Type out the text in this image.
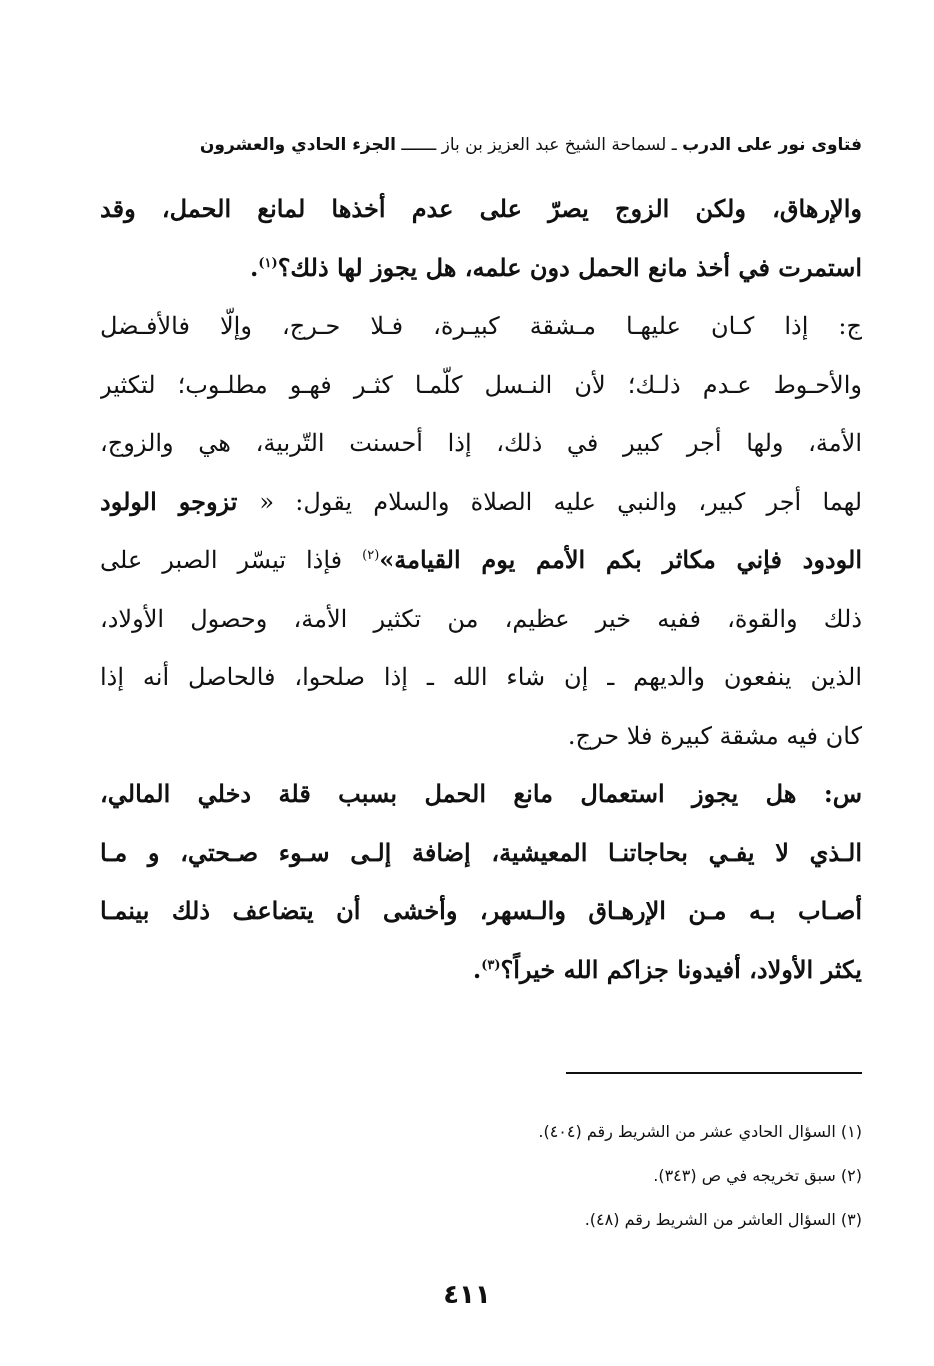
فتاوى نور على الدرب ـ لسماحة الشيخ عبد العزيز بن باز ـــــــ الجزء الحادي والعشرون
والإرهاق، ولكن الزوج يصرّ على عدم أخذها لمانع الحمل، وقد
استمرت في أخذ مانع الحمل دون علمه، هل يجوز لها ذلك؟$^{(١)}$.
ج: إذا كـان عليهـا مـشقة كبيـرة، فـلا حـرج، وإلّا فالأفـضل
والأحـوط عـدم ذلـك؛ لأن النـسل كلّمـا كثـر فهـو مطلـوب؛ لتكثير
الأمة، ولها أجر كبير في ذلك، إذا أحسنت التّربية، هي والزوج،
لهما أجر كبير، والنبي عليه الصلاة والسلام يقول: « تزوجو الولود
الودود فإني مكاثر بكم الأمم يوم القيامة»$^{(٢)}$ فإذا تيسّر الصبر على
ذلك والقوة، ففيه خير عظيم، من تكثير الأمة، وحصول الأولاد،
الذين ينفعون والديهم ـ إن شاء الله ـ إذا صلحوا، فالحاصل أنه إذا
كان فيه مشقة كبيرة فلا حرج.
س: هل يجوز استعمال مانع الحمل بسبب قلة دخلي المالي،
الـذي لا يفـي بحاجاتنـا المعيشية، إضافة إلـى سـوء صـحتي، و مـا
أصـاب بـه مـن الإرهـاق والـسهر، وأخشى أن يتضاعف ذلك بينمـا
يكثر الأولاد، أفيدونا جزاكم الله خيراً؟$^{(٣)}$.
(١) السؤال الحادي عشر من الشريط رقم (٤٠٤).
(٢) سبق تخريجه في ص (٣٤٣).
(٣) السؤال العاشر من الشريط رقم (٤٨).
٤١١
